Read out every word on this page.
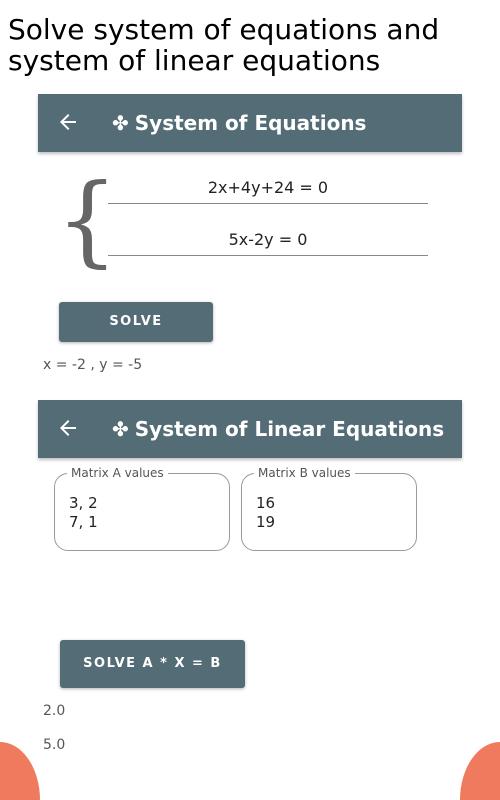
Solve system of equations and
system of linear equations
✤ System of Equations
{	2x+4y+24 = 0
5x-2y = 0
SOLVE
x = -2 , y = -5
✤ System of Linear Equations
Matrix A values
3, 2
7, 1
Matrix B values
16
19
SOLVE A * X = B
2.0
5.0
